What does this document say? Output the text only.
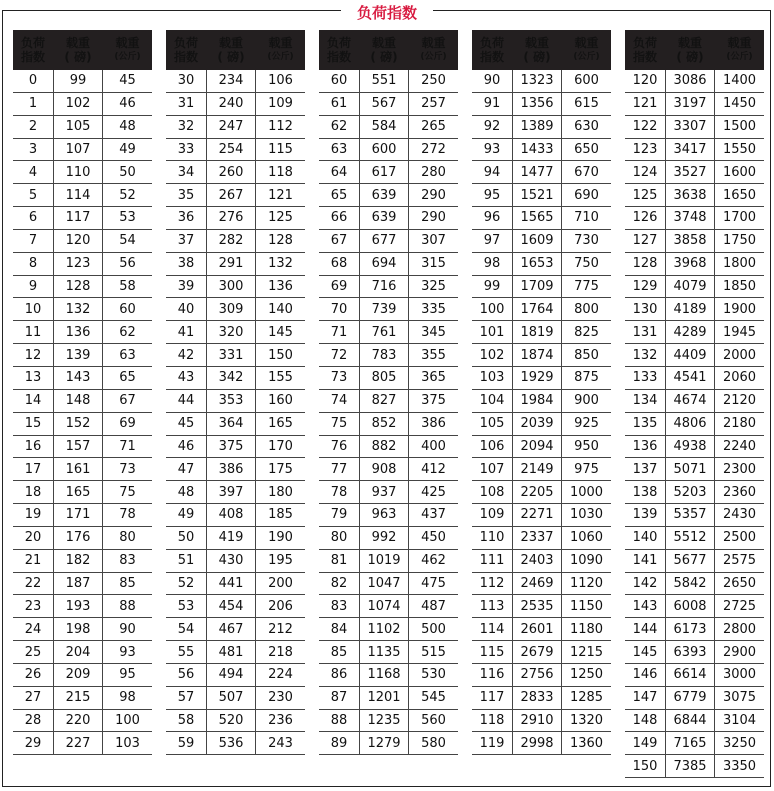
负荷指数
负荷
指数
载重
( 磅)
载重
(公斤)
0	99	45
1	102	46
2	105	48
3	107	49
4	110	50
5	114	52
6	117	53
7	120	54
8	123	56
9	128	58
10	132	60
11	136	62
12	139	63
13	143	65
14	148	67
15	152	69
16	157	71
17	161	73
18	165	75
19	171	78
20	176	80
21	182	83
22	187	85
23	193	88
24	198	90
25	204	93
26	209	95
27	215	98
28	220	100
29	227	103
负荷
指数
载重
( 磅)
载重
(公斤)
30	234	106
31	240	109
32	247	112
33	254	115
34	260	118
35	267	121
36	276	125
37	282	128
38	291	132
39	300	136
40	309	140
41	320	145
42	331	150
43	342	155
44	353	160
45	364	165
46	375	170
47	386	175
48	397	180
49	408	185
50	419	190
51	430	195
52	441	200
53	454	206
54	467	212
55	481	218
56	494	224
57	507	230
58	520	236
59	536	243
负荷
指数
载重
( 磅)
载重
(公斤)
60	551	250
61	567	257
62	584	265
63	600	272
64	617	280
65	639	290
66	639	290
67	677	307
68	694	315
69	716	325
70	739	335
71	761	345
72	783	355
73	805	365
74	827	375
75	852	386
76	882	400
77	908	412
78	937	425
79	963	437
80	992	450
81	1019	462
82	1047	475
83	1074	487
84	1102	500
85	1135	515
86	1168	530
87	1201	545
88	1235	560
89	1279	580
负荷
指数
载重
( 磅)
载重
(公斤)
90	1323	600
91	1356	615
92	1389	630
93	1433	650
94	1477	670
95	1521	690
96	1565	710
97	1609	730
98	1653	750
99	1709	775
100	1764	800
101	1819	825
102	1874	850
103	1929	875
104	1984	900
105	2039	925
106	2094	950
107	2149	975
108	2205	1000
109	2271	1030
110	2337	1060
111	2403	1090
112	2469	1120
113	2535	1150
114	2601	1180
115	2679	1215
116	2756	1250
117	2833	1285
118	2910	1320
119	2998	1360
负荷
指数
载重
( 磅)
载重
(公斤)
120	3086	1400
121	3197	1450
122	3307	1500
123	3417	1550
124	3527	1600
125	3638	1650
126	3748	1700
127	3858	1750
128	3968	1800
129	4079	1850
130	4189	1900
131	4289	1945
132	4409	2000
133	4541	2060
134	4674	2120
135	4806	2180
136	4938	2240
137	5071	2300
138	5203	2360
139	5357	2430
140	5512	2500
141	5677	2575
142	5842	2650
143	6008	2725
144	6173	2800
145	6393	2900
146	6614	3000
147	6779	3075
148	6844	3104
149	7165	3250
150	7385	3350
